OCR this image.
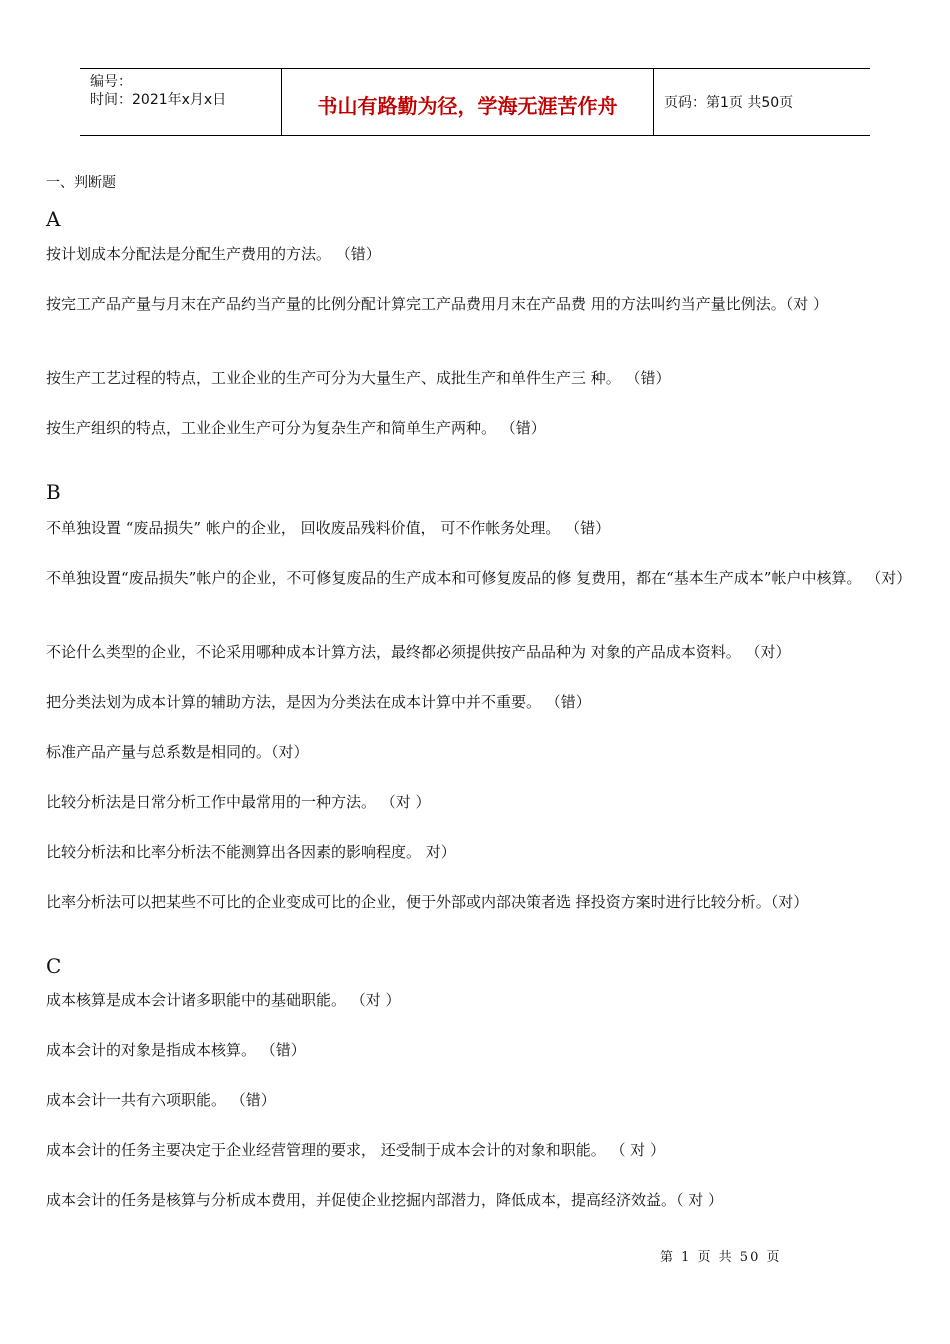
编号：
时间：2021年x月x日	书山有路勤为径，学海无涯苦作舟	页码：第1页 共50页
一、判断题
A
按计划成本分配法是分配生产费用的方法。 （错）
按完工产品产量与月末在产品约当产量的比例分配计算完工产品费用月末在产品费 用的方法叫约当产量比例法。（对 ）
按生产工艺过程的特点，工业企业的生产可分为大量生产、成批生产和单件生产三 种。 （错）
按生产组织的特点，工业企业生产可分为复杂生产和简单生产两种。 （错）
B
不单独设置 “废品损失” 帐户的企业， 回收废品残料价值， 可不作帐务处理。 （错）
不单独设置“废品损失”帐户的企业，不可修复废品的生产成本和可修复废品的修 复费用，都在“基本生产成本”帐户中核算。 （对）
不论什么类型的企业，不论采用哪种成本计算方法，最终都必须提供按产品品种为 对象的产品成本资料。 （对）
把分类法划为成本计算的辅助方法，是因为分类法在成本计算中并不重要。 （错）
标准产品产量与总系数是相同的。（对）
比较分析法是日常分析工作中最常用的一种方法。 （对 ）
比较分析法和比率分析法不能测算出各因素的影响程度。 对）
比率分析法可以把某些不可比的企业变成可比的企业，便于外部或内部决策者选 择投资方案时进行比较分析。（对）
C
成本核算是成本会计诸多职能中的基础职能。 （对 ）
成本会计的对象是指成本核算。 （错）
成本会计一共有六项职能。 （错）
成本会计的任务主要决定于企业经营管理的要求， 还受制于成本会计的对象和职能。 （ 对 ）
成本会计的任务是核算与分析成本费用，并促使企业挖掘内部潜力，降低成本，提高经济效益。（ 对 ）
第 1 页 共 50 页
